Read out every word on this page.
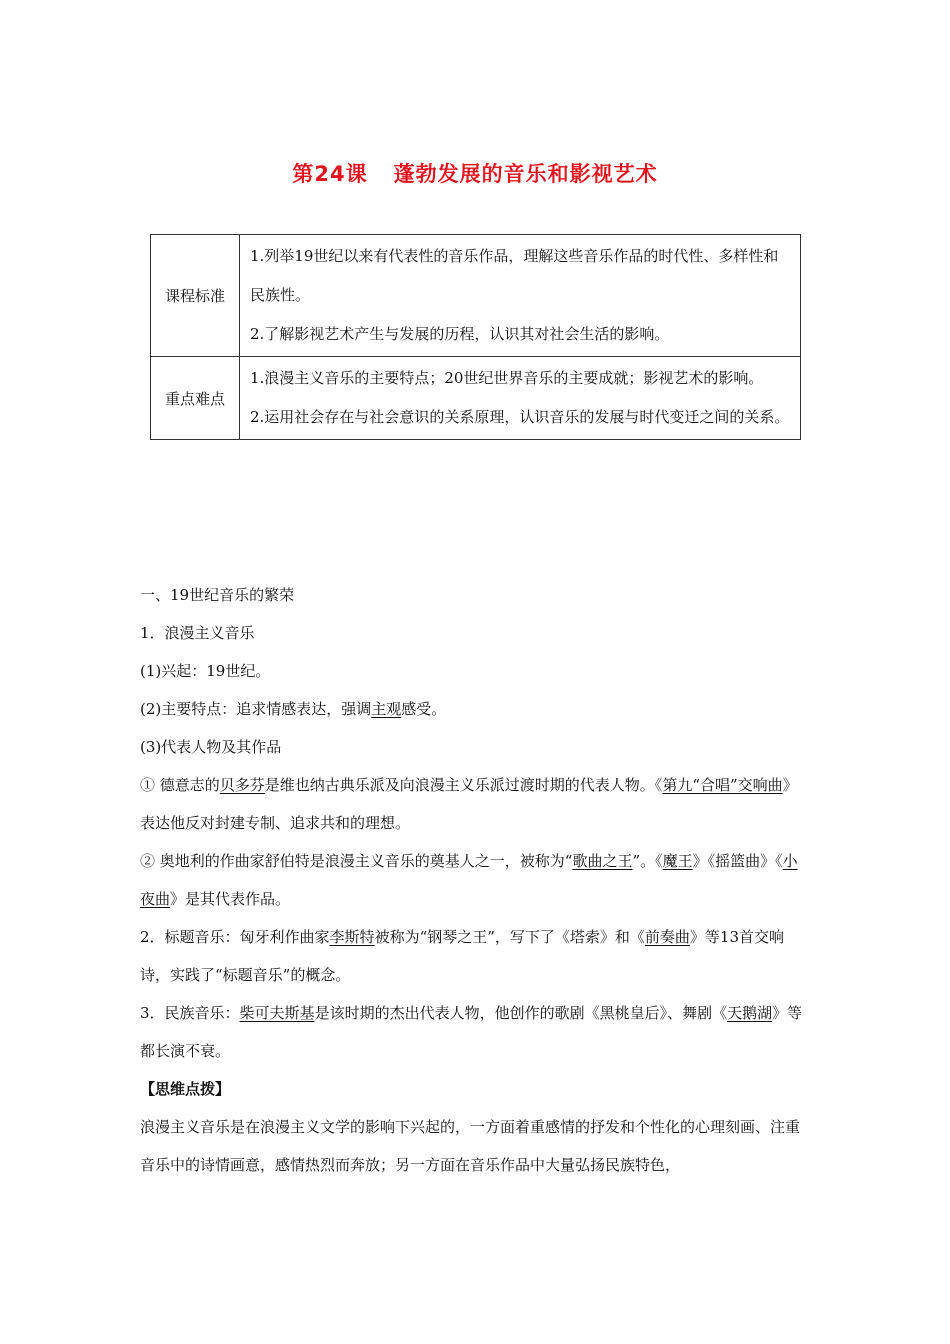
第24课 蓬勃发展的音乐和影视艺术
课程标准	1.列举19世纪以来有代表性的音乐作品，理解这些音乐作品的时代性、多样性和民族性。
2.了解影视艺术产生与发展的历程，认识其对社会生活的影响。

重点难点	1.浪漫主义音乐的主要特点；20世纪世界音乐的主要成就；影视艺术的影响。
2.运用社会存在与社会意识的关系原理，认识音乐的发展与时代变迁之间的关系。
一、19世纪音乐的繁荣
1．浪漫主义音乐
(1)兴起：19世纪。
(2)主要特点：追求情感表达，强调主观感受。
(3)代表人物及其作品
① 德意志的贝多芬是维也纳古典乐派及向浪漫主义乐派过渡时期的代表人物。《第九“合唱”交响曲》表达他反对封建专制、追求共和的理想。
② 奥地利的作曲家舒伯特是浪漫主义音乐的奠基人之一，被称为“歌曲之王”。《魔王》《摇篮曲》《小夜曲》是其代表作品。
2．标题音乐：匈牙利作曲家李斯特被称为“钢琴之王”，写下了《塔索》和《前奏曲》等13首交响诗，实践了“标题音乐”的概念。
3．民族音乐：柴可夫斯基是该时期的杰出代表人物，他创作的歌剧《黑桃皇后》、舞剧《天鹅湖》等都长演不衰。
【思维点拨】
浪漫主义音乐是在浪漫主义文学的影响下兴起的，一方面着重感情的抒发和个性化的心理刻画、注重音乐中的诗情画意，感情热烈而奔放；另一方面在音乐作品中大量弘扬民族特色，
